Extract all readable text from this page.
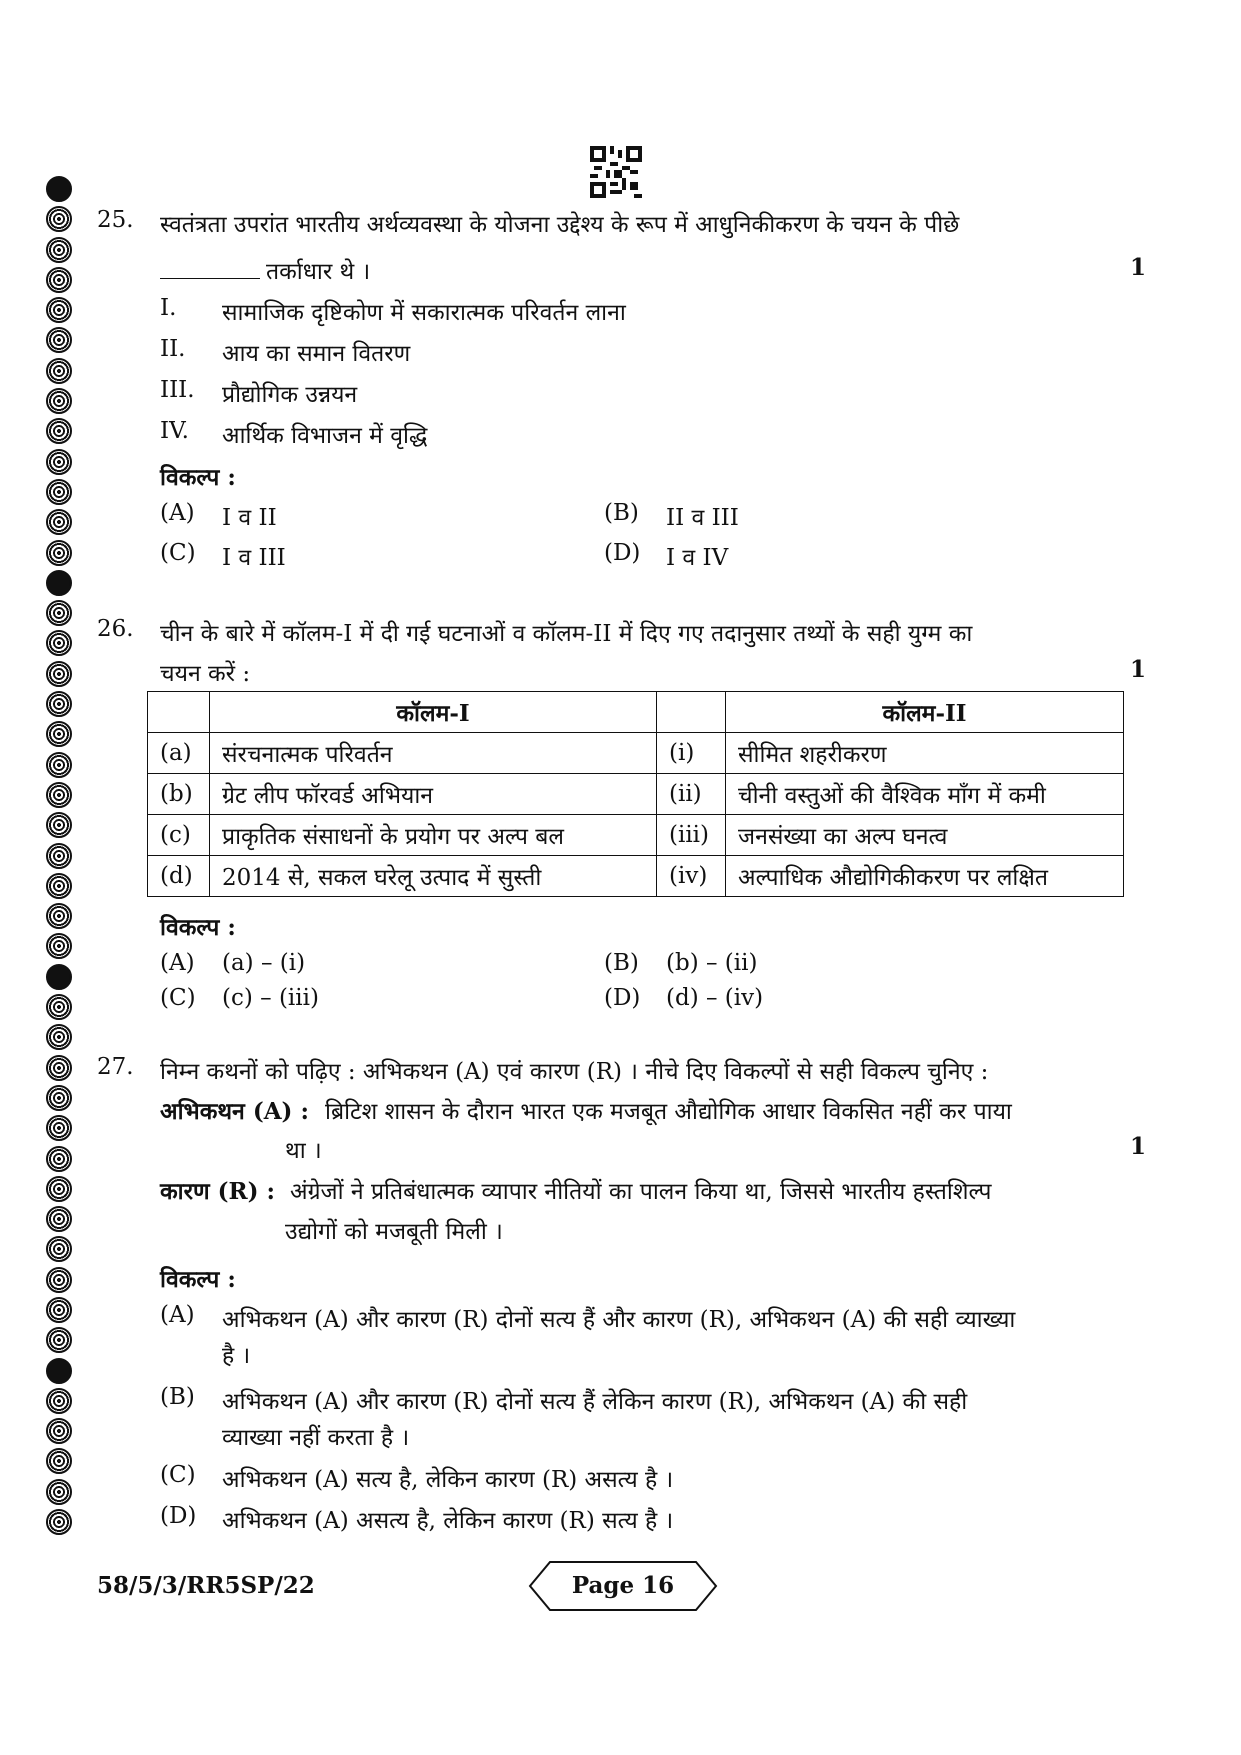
25. स्वतंत्रता उपरांत भारतीय अर्थव्यवस्था के योजना उद्देश्य के रूप में आधुनिकीकरण के चयन के पीछे
तर्काधार थे ।	1
I. सामाजिक दृष्टिकोण में सकारात्मक परिवर्तन लाना
II. आय का समान वितरण
III. प्रौद्योगिक उन्नयन
IV. आर्थिक विभाजन में वृद्धि
विकल्प :
(A) I व II	(B) II व III
(C) I व III	(D) I व IV
26. चीन के बारे में कॉलम-I में दी गई घटनाओं व कॉलम-II में दिए गए तदानुसार तथ्यों के सही युग्म का
चयन करें :	1
	कॉलम-I		कॉलम-II
(a)	संरचनात्मक परिवर्तन	(i)	सीमित शहरीकरण
(b)	ग्रेट लीप फॉरवर्ड अभियान	(ii)	चीनी वस्तुओं की वैश्विक माँग में कमी
(c)	प्राकृतिक संसाधनों के प्रयोग पर अल्प बल	(iii)	जनसंख्या का अल्प घनत्व
(d)	2014 से, सकल घरेलू उत्पाद में सुस्ती	(iv)	अल्पाधिक औद्योगिकीकरण पर लक्षित
विकल्प :
(A) (a) – (i)	(B) (b) – (ii)
(C) (c) – (iii)	(D) (d) – (iv)
27. निम्न कथनों को पढ़िए : अभिकथन (A) एवं कारण (R) । नीचे दिए विकल्पों से सही विकल्प चुनिए :
अभिकथन (A) : ब्रिटिश शासन के दौरान भारत एक मजबूत औद्योगिक आधार विकसित नहीं कर पाया
था ।	1
कारण (R) : अंग्रेजों ने प्रतिबंधात्मक व्यापार नीतियों का पालन किया था, जिससे भारतीय हस्तशिल्प
उद्योगों को मजबूती मिली ।
विकल्प :
(A) अभिकथन (A) और कारण (R) दोनों सत्य हैं और कारण (R), अभिकथन (A) की सही व्याख्या
है ।
(B) अभिकथन (A) और कारण (R) दोनों सत्य हैं लेकिन कारण (R), अभिकथन (A) की सही
व्याख्या नहीं करता है ।
(C) अभिकथन (A) सत्य है, लेकिन कारण (R) असत्य है ।
(D) अभिकथन (A) असत्य है, लेकिन कारण (R) सत्य है ।
58/5/3/RR5SP/22	Page 16
